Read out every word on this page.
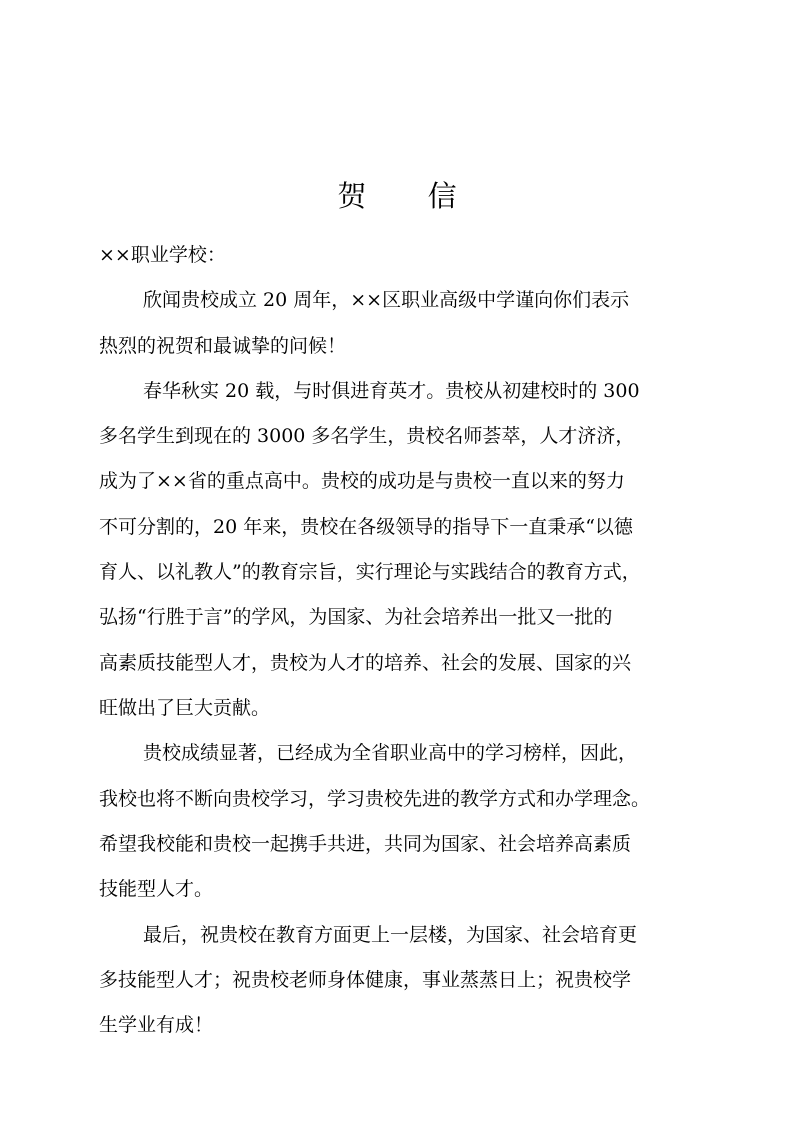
贺 信
××职业学校：
欣闻贵校成立 20 周年，××区职业高级中学谨向你们表示
热烈的祝贺和最诚挚的问候！
春华秋实 20 载，与时俱进育英才。贵校从初建校时的 300
多名学生到现在的 3000 多名学生，贵校名师荟萃，人才济济，
成为了××省的重点高中。贵校的成功是与贵校一直以来的努力
不可分割的，20 年来，贵校在各级领导的指导下一直秉承“以德
育人、以礼教人”的教育宗旨，实行理论与实践结合的教育方式，
弘扬“行胜于言”的学风，为国家、为社会培养出一批又一批的
高素质技能型人才，贵校为人才的培养、社会的发展、国家的兴
旺做出了巨大贡献。
贵校成绩显著，已经成为全省职业高中的学习榜样，因此，
我校也将不断向贵校学习，学习贵校先进的教学方式和办学理念。
希望我校能和贵校一起携手共进，共同为国家、社会培养高素质
技能型人才。
最后，祝贵校在教育方面更上一层楼，为国家、社会培育更
多技能型人才；祝贵校老师身体健康，事业蒸蒸日上；祝贵校学
生学业有成！
